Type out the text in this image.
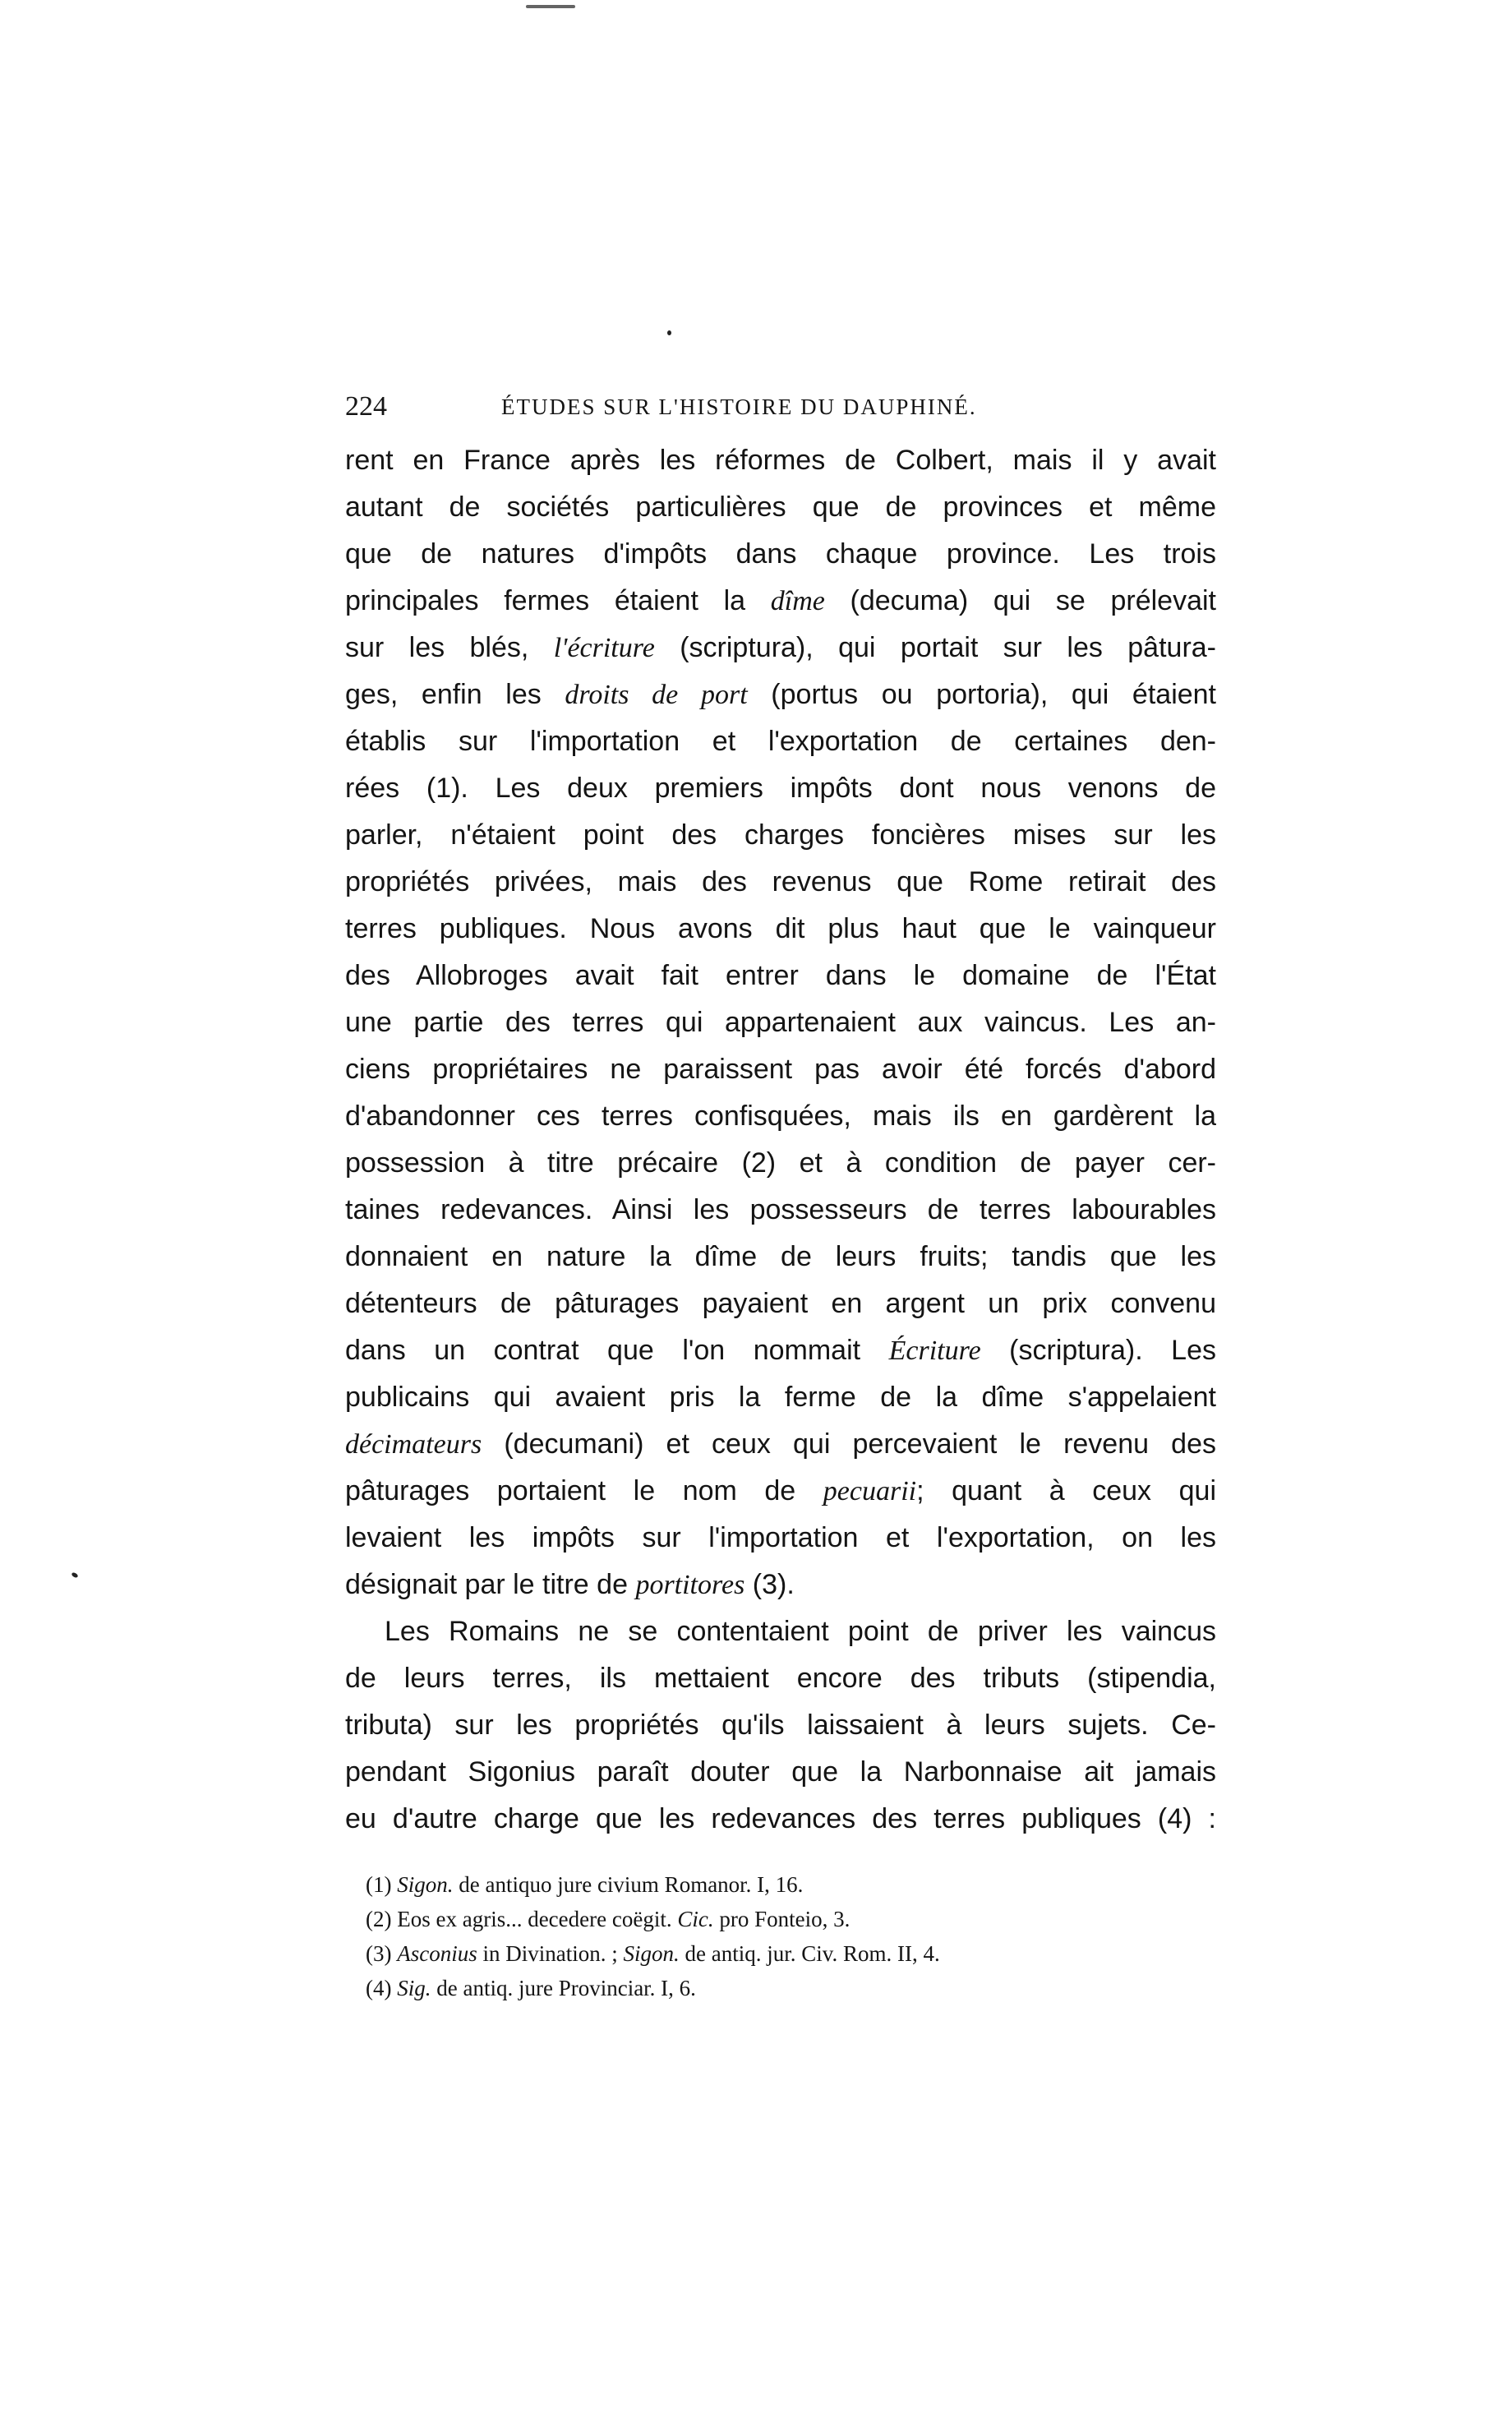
224	ÉTUDES SUR L'HISTOIRE DU DAUPHINÉ.
rent en France après les réformes de Colbert, mais il y avait
autant de sociétés particulières que de provinces et même
que de natures d'impôts dans chaque province. Les trois
principales fermes étaient la dîme (decuma) qui se prélevait
sur les blés, l'écriture (scriptura), qui portait sur les pâtura-
ges, enfin les droits de port (portus ou portoria), qui étaient
établis sur l'importation et l'exportation de certaines den-
rées (1). Les deux premiers impôts dont nous venons de
parler, n'étaient point des charges foncières mises sur les
propriétés privées, mais des revenus que Rome retirait des
terres publiques. Nous avons dit plus haut que le vainqueur
des Allobroges avait fait entrer dans le domaine de l'État
une partie des terres qui appartenaient aux vaincus. Les an-
ciens propriétaires ne paraissent pas avoir été forcés d'abord
d'abandonner ces terres confisquées, mais ils en gardèrent la
possession à titre précaire (2) et à condition de payer cer-
taines redevances. Ainsi les possesseurs de terres labourables
donnaient en nature la dîme de leurs fruits; tandis que les
détenteurs de pâturages payaient en argent un prix convenu
dans un contrat que l'on nommait Écriture (scriptura). Les
publicains qui avaient pris la ferme de la dîme s'appelaient
décimateurs (decumani) et ceux qui percevaient le revenu des
pâturages portaient le nom de pecuarii; quant à ceux qui
levaient les impôts sur l'importation et l'exportation, on les
désignait par le titre de portitores (3).
Les Romains ne se contentaient point de priver les vaincus
de leurs terres, ils mettaient encore des tributs (stipendia,
tributa) sur les propriétés qu'ils laissaient à leurs sujets. Ce-
pendant Sigonius paraît douter que la Narbonnaise ait jamais
eu d'autre charge que les redevances des terres publiques (4) :
(1) Sigon. de antiquo jure civium Romanor. I, 16.
(2) Eos ex agris... decedere coëgit. Cic. pro Fonteio, 3.
(3) Asconius in Divination. ; Sigon. de antiq. jur. Civ. Rom. II, 4.
(4) Sig. de antiq. jure Provinciar. I, 6.
